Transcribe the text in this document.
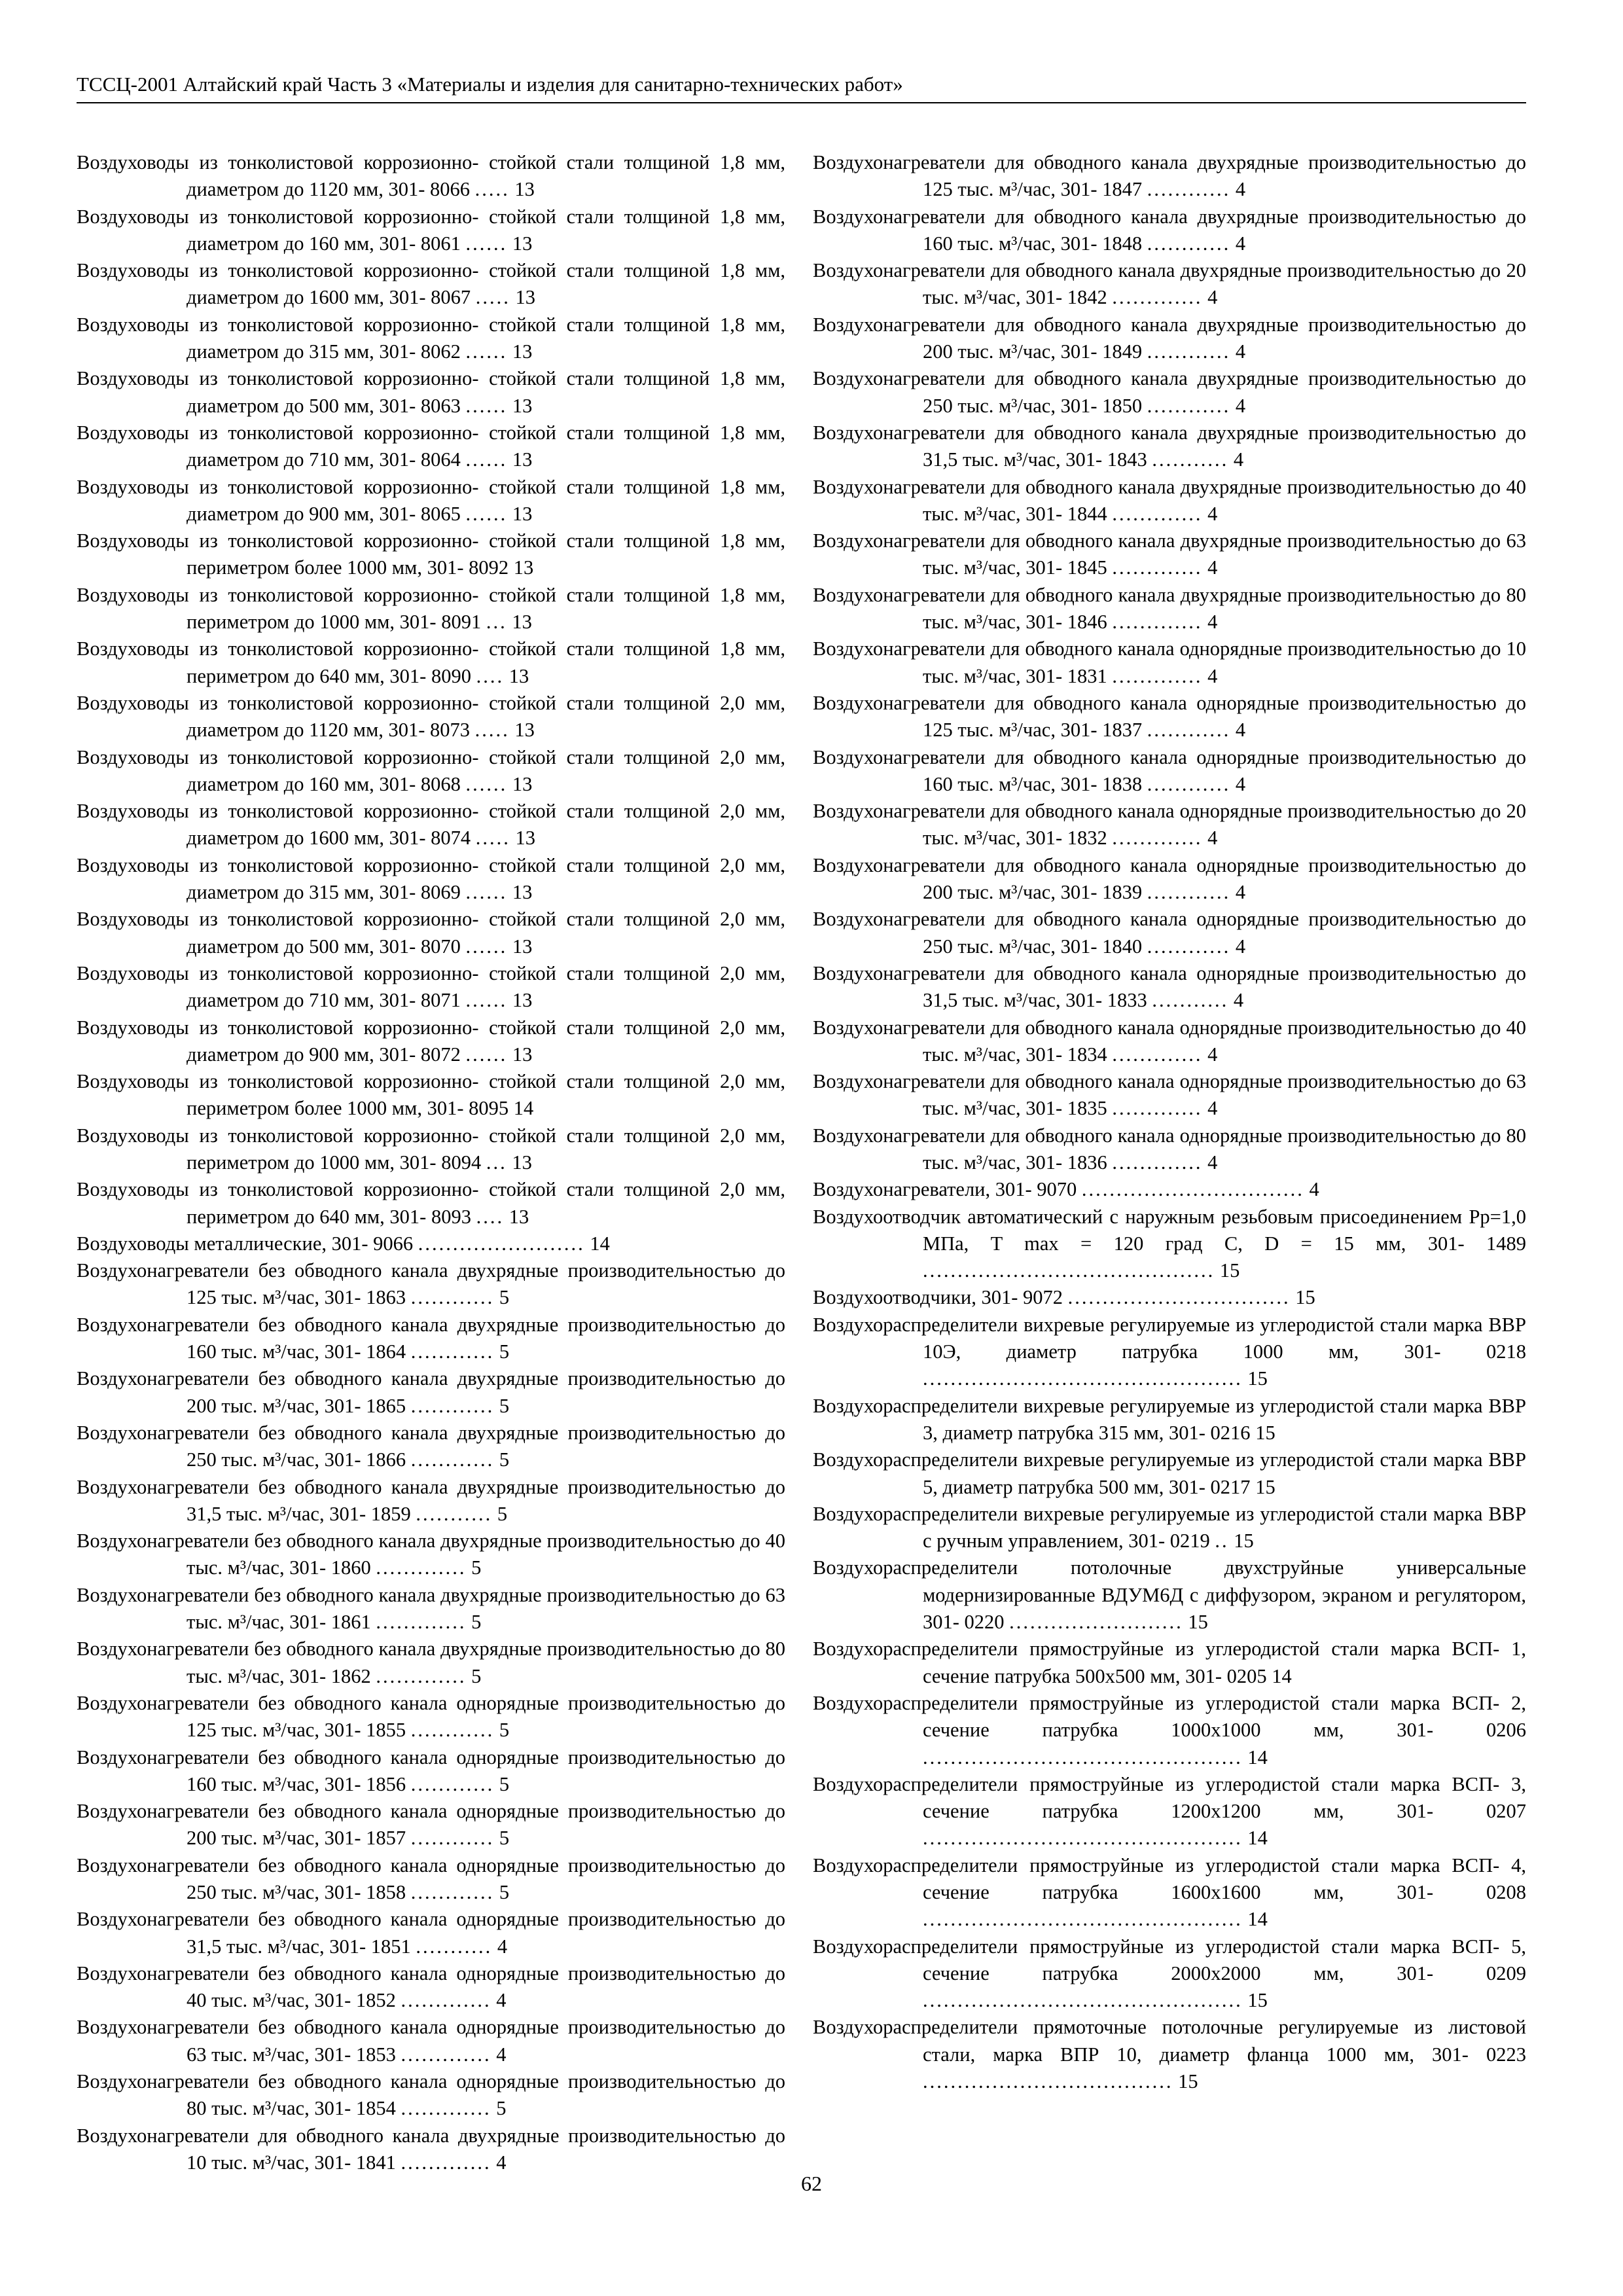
ТССЦ-2001 Алтайский край Часть 3 «Материалы и изделия для санитарно-технических работ»

Воздуховоды из тонколистовой коррозионно- стойкой стали толщиной 1,8 мм, диаметром до 1120 мм, 301- 8066 ..... 13

Воздуховоды из тонколистовой коррозионно- стойкой стали толщиной 1,8 мм, диаметром до 160 мм, 301- 8061 ...... 13

Воздуховоды из тонколистовой коррозионно- стойкой стали толщиной 1,8 мм, диаметром до 1600 мм, 301- 8067 ..... 13

Воздуховоды из тонколистовой коррозионно- стойкой стали толщиной 1,8 мм, диаметром до 315 мм, 301- 8062 ...... 13

Воздуховоды из тонколистовой коррозионно- стойкой стали толщиной 1,8 мм, диаметром до 500 мм, 301- 8063 ...... 13

Воздуховоды из тонколистовой коррозионно- стойкой стали толщиной 1,8 мм, диаметром до 710 мм, 301- 8064 ...... 13

Воздуховоды из тонколистовой коррозионно- стойкой стали толщиной 1,8 мм, диаметром до 900 мм, 301- 8065 ...... 13

Воздуховоды из тонколистовой коррозионно- стойкой стали толщиной 1,8 мм, периметром более 1000 мм, 301- 8092 13

Воздуховоды из тонколистовой коррозионно- стойкой стали толщиной 1,8 мм, периметром до 1000 мм, 301- 8091 ... 13

Воздуховоды из тонколистовой коррозионно- стойкой стали толщиной 1,8 мм, периметром до 640 мм, 301- 8090 .... 13

Воздуховоды из тонколистовой коррозионно- стойкой стали толщиной 2,0 мм, диаметром до 1120 мм, 301- 8073 ..... 13

Воздуховоды из тонколистовой коррозионно- стойкой стали толщиной 2,0 мм, диаметром до 160 мм, 301- 8068 ...... 13

Воздуховоды из тонколистовой коррозионно- стойкой стали толщиной 2,0 мм, диаметром до 1600 мм, 301- 8074 ..... 13

Воздуховоды из тонколистовой коррозионно- стойкой стали толщиной 2,0 мм, диаметром до 315 мм, 301- 8069 ...... 13

Воздуховоды из тонколистовой коррозионно- стойкой стали толщиной 2,0 мм, диаметром до 500 мм, 301- 8070 ...... 13

Воздуховоды из тонколистовой коррозионно- стойкой стали толщиной 2,0 мм, диаметром до 710 мм, 301- 8071 ...... 13

Воздуховоды из тонколистовой коррозионно- стойкой стали толщиной 2,0 мм, диаметром до 900 мм, 301- 8072 ...... 13

Воздуховоды из тонколистовой коррозионно- стойкой стали толщиной 2,0 мм, периметром более 1000 мм, 301- 8095 14

Воздуховоды из тонколистовой коррозионно- стойкой стали толщиной 2,0 мм, периметром до 1000 мм, 301- 8094 ... 13

Воздуховоды из тонколистовой коррозионно- стойкой стали толщиной 2,0 мм, периметром до 640 мм, 301- 8093 .... 13

Воздуховоды металлические, 301- 9066 ........................ 14

Воздухонагреватели без обводного канала двухрядные производительностью до 125 тыс. м³/час, 301- 1863 ............ 5

Воздухонагреватели без обводного канала двухрядные производительностью до 160 тыс. м³/час, 301- 1864 ............ 5

Воздухонагреватели без обводного канала двухрядные производительностью до 200 тыс. м³/час, 301- 1865 ............ 5

Воздухонагреватели без обводного канала двухрядные производительностью до 250 тыс. м³/час, 301- 1866 ............ 5

Воздухонагреватели без обводного канала двухрядные производительностью до 31,5 тыс. м³/час, 301- 1859 ........... 5

Воздухонагреватели без обводного канала двухрядные производительностью до 40 тыс. м³/час, 301- 1860 ............. 5

Воздухонагреватели без обводного канала двухрядные производительностью до 63 тыс. м³/час, 301- 1861 ............. 5

Воздухонагреватели без обводного канала двухрядные производительностью до 80 тыс. м³/час, 301- 1862 ............. 5

Воздухонагреватели без обводного канала однорядные производительностью до 125 тыс. м³/час, 301- 1855 ............ 5

Воздухонагреватели без обводного канала однорядные производительностью до 160 тыс. м³/час, 301- 1856 ............ 5

Воздухонагреватели без обводного канала однорядные производительностью до 200 тыс. м³/час, 301- 1857 ............ 5

Воздухонагреватели без обводного канала однорядные производительностью до 250 тыс. м³/час, 301- 1858 ............ 5

Воздухонагреватели без обводного канала однорядные производительностью до 31,5 тыс. м³/час, 301- 1851 ........... 4

Воздухонагреватели без обводного канала однорядные производительностью до 40 тыс. м³/час, 301- 1852 ............. 4

Воздухонагреватели без обводного канала однорядные производительностью до 63 тыс. м³/час, 301- 1853 ............. 4

Воздухонагреватели без обводного канала однорядные производительностью до 80 тыс. м³/час, 301- 1854 ............. 5

Воздухонагреватели для обводного канала двухрядные производительностью до 10 тыс. м³/час, 301- 1841 ............. 4

Воздухонагреватели для обводного канала двухрядные производительностью до 125 тыс. м³/час, 301- 1847 ............ 4

Воздухонагреватели для обводного канала двухрядные производительностью до 160 тыс. м³/час, 301- 1848 ............ 4

Воздухонагреватели для обводного канала двухрядные производительностью до 20 тыс. м³/час, 301- 1842 ............. 4

Воздухонагреватели для обводного канала двухрядные производительностью до 200 тыс. м³/час, 301- 1849 ............ 4

Воздухонагреватели для обводного канала двухрядные производительностью до 250 тыс. м³/час, 301- 1850 ............ 4

Воздухонагреватели для обводного канала двухрядные производительностью до 31,5 тыс. м³/час, 301- 1843 ........... 4

Воздухонагреватели для обводного канала двухрядные производительностью до 40 тыс. м³/час, 301- 1844 ............. 4

Воздухонагреватели для обводного канала двухрядные производительностью до 63 тыс. м³/час, 301- 1845 ............. 4

Воздухонагреватели для обводного канала двухрядные производительностью до 80 тыс. м³/час, 301- 1846 ............. 4

Воздухонагреватели для обводного канала однорядные производительностью до 10 тыс. м³/час, 301- 1831 ............. 4

Воздухонагреватели для обводного канала однорядные производительностью до 125 тыс. м³/час, 301- 1837 ............ 4

Воздухонагреватели для обводного канала однорядные производительностью до 160 тыс. м³/час, 301- 1838 ............ 4

Воздухонагреватели для обводного канала однорядные производительностью до 20 тыс. м³/час, 301- 1832 ............. 4

Воздухонагреватели для обводного канала однорядные производительностью до 200 тыс. м³/час, 301- 1839 ............ 4

Воздухонагреватели для обводного канала однорядные производительностью до 250 тыс. м³/час, 301- 1840 ............ 4

Воздухонагреватели для обводного канала однорядные производительностью до 31,5 тыс. м³/час, 301- 1833 ........... 4

Воздухонагреватели для обводного канала однорядные производительностью до 40 тыс. м³/час, 301- 1834 ............. 4

Воздухонагреватели для обводного канала однорядные производительностью до 63 тыс. м³/час, 301- 1835 ............. 4

Воздухонагреватели для обводного канала однорядные производительностью до 80 тыс. м³/час, 301- 1836 ............. 4

Воздухонагреватели, 301- 9070 ................................ 4

Воздухоотводчик автоматический с наружным резьбовым присоединением Рр=1,0 МПа, T max = 120 град С, D = 15 мм, 301- 1489 .......................................... 15

Воздухоотводчики, 301- 9072 ................................ 15

Воздухораспределители вихревые регулируемые из углеродистой стали марка ВВР 10Э, диаметр патрубка 1000 мм, 301- 0218 .............................................. 15

Воздухораспределители вихревые регулируемые из углеродистой стали марка ВВР 3, диаметр патрубка 315 мм, 301- 0216 15

Воздухораспределители вихревые регулируемые из углеродистой стали марка ВВР 5, диаметр патрубка 500 мм, 301- 0217 15

Воздухораспределители вихревые регулируемые из углеродистой стали марка ВВР с ручным управлением, 301- 0219 .. 15

Воздухораспределители потолочные двухструйные универсальные модернизированные ВДУМ6Д с диффузором, экраном и регулятором, 301- 0220 ......................... 15

Воздухораспределители прямоструйные из углеродистой стали марка ВСП- 1, сечение патрубка 500х500 мм, 301- 0205 14

Воздухораспределители прямоструйные из углеродистой стали марка ВСП- 2, сечение патрубка 1000х1000 мм, 301- 0206 .............................................. 14

Воздухораспределители прямоструйные из углеродистой стали марка ВСП- 3, сечение патрубка 1200х1200 мм, 301- 0207 .............................................. 14

Воздухораспределители прямоструйные из углеродистой стали марка ВСП- 4, сечение патрубка 1600х1600 мм, 301- 0208 .............................................. 14

Воздухораспределители прямоструйные из углеродистой стали марка ВСП- 5, сечение патрубка 2000х2000 мм, 301- 0209 .............................................. 15

Воздухораспределители прямоточные потолочные регулируемые из листовой стали, марка ВПР 10, диаметр фланца 1000 мм, 301- 0223 .................................... 15

62
